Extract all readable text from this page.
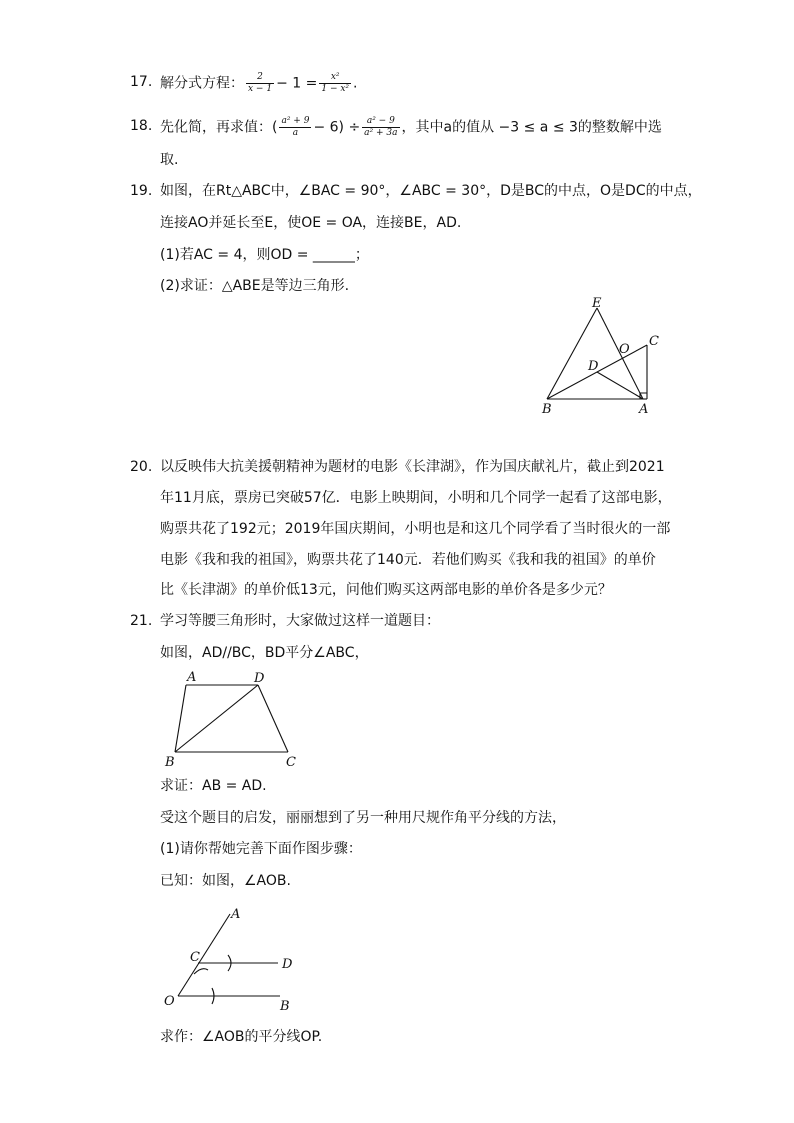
17. 解分式方程： $\frac{2}{x - 1} - 1 = \frac{\text{x²}}{\text{1 − x²}}$ .
18. 先化简，再求值：( $\frac{\text{a² + 9}}{a} - 6) \div \frac{\text{a² − 9}}{\text{a² + 3a}}$ ，其中a的值从 −3 ≤ a ≤ 3的整数解中选
取.
19. 如图，在Rt△ABC中，∠BAC = 90°，∠ABC = 30°，D是BC的中点，O是DC的中点，
连接AO并延长至E，使OE = OA，连接BE，AD.
(1)若AC = 4，则OD = ______；
(2)求证：△ABE是等边三角形.
E
O
C
D
B	A
20. 以反映伟大抗美援朝精神为题材的电影《长津湖》，作为国庆献礼片，截止到2021
年11月底，票房已突破57亿．电影上映期间，小明和几个同学一起看了这部电影，
购票共花了192元；2019年国庆期间，小明也是和这几个同学看了当时很火的一部
电影《我和我的祖国》，购票共花了140元．若他们购买《我和我的祖国》的单价
比《长津湖》的单价低13元，问他们购买这两部电影的单价各是多少元？
21. 学习等腰三角形时，大家做过这样一道题目：
如图，AD//BC，BD平分∠ABC，
A	D
B	C
求证：AB = AD.
受这个题目的启发，丽丽想到了另一种用尺规作角平分线的方法，
(1)请你帮她完善下面作图步骤：
已知：如图，∠AOB.
A
C	D
O	B
求作：∠AOB的平分线OP.
